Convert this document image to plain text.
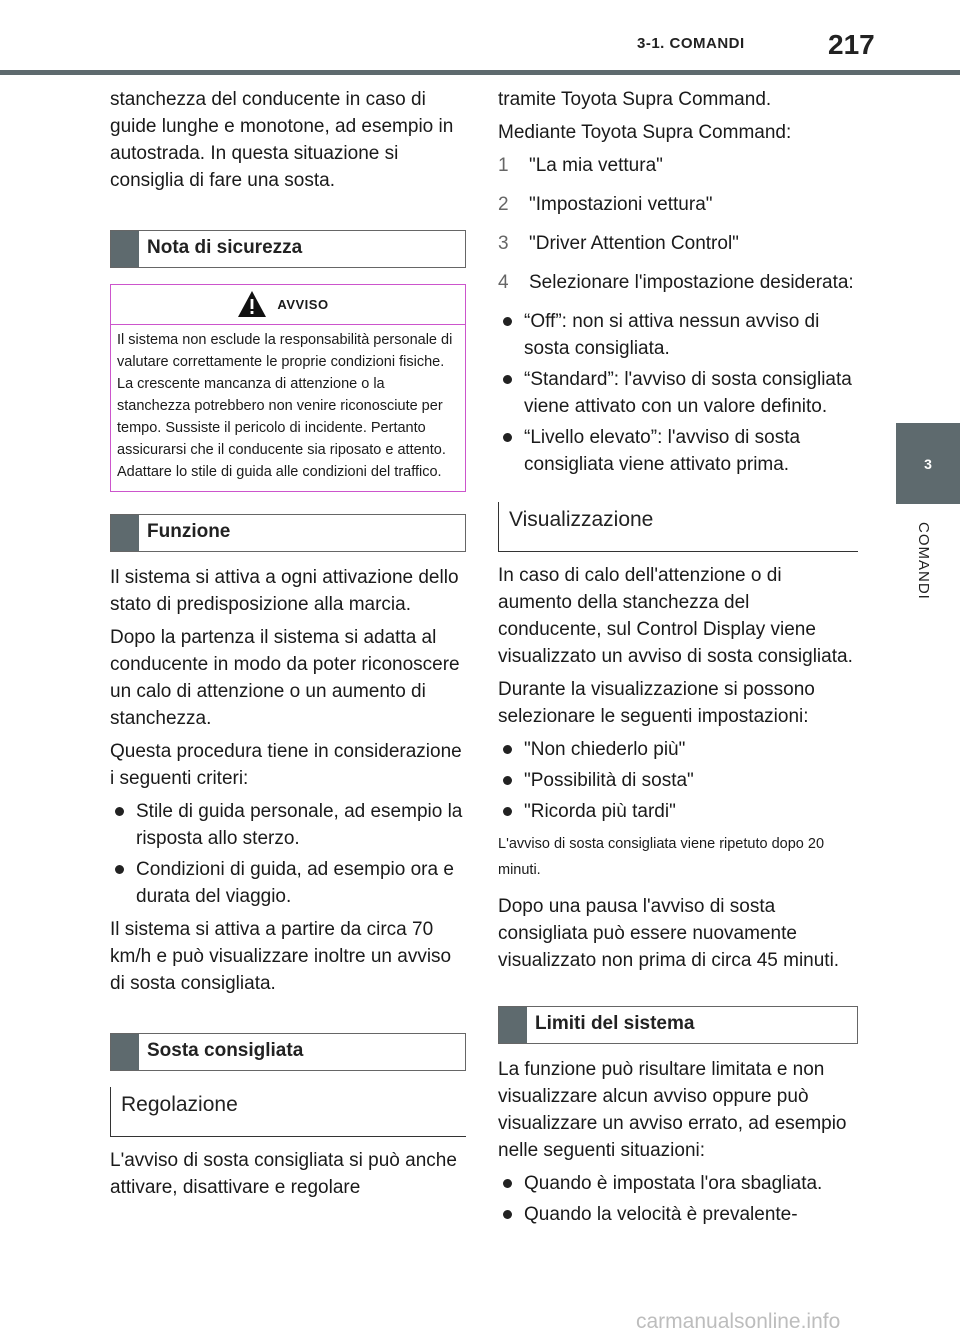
3-1. COMANDI	217
3
COMANDI

stanchezza del conducente in caso di guide lunghe e monotone, ad esempio in autostrada. In questa situazione si consiglia di fare una sosta.

Nota di sicurezza
AVVISO
Il sistema non esclude la responsabilità personale di valutare correttamente le proprie condizioni fisiche. La crescente mancanza di attenzione o la stanchezza potrebbero non venire riconosciute per tempo. Sussiste il pericolo di incidente. Pertanto assicurarsi che il conducente sia riposato e attento. Adattare lo stile di guida alle condizioni del traffico.
Funzione

Il sistema si attiva a ogni attivazione dello stato di predisposizione alla marcia.

Dopo la partenza il sistema si adatta al conducente in modo da poter riconoscere un calo di attenzione o un aumento di stanchezza.

Questa procedura tiene in considerazione i seguenti criteri:

Stile di guida personale, ad esempio la risposta allo sterzo.
Condizioni di guida, ad esempio ora e durata del viaggio.

Il sistema si attiva a partire da circa 70 km/h e può visualizzare inoltre un avviso di sosta consigliata.

Sosta consigliata
Regolazione

L'avviso di sosta consigliata si può anche attivare, disattivare e regolare

tramite Toyota Supra Command.

Mediante Toyota Supra Command:

1 "La mia vettura"
2 "Impostazioni vettura"
3 "Driver Attention Control"
4 Selezionare l'impostazione desiderata:
“Off”: non si attiva nessun avviso di sosta consigliata.
“Standard”: l'avviso di sosta consigliata viene attivato con un valore definito.
“Livello elevato”: l'avviso di sosta consigliata viene attivato prima.
Visualizzazione

In caso di calo dell'attenzione o di aumento della stanchezza del conducente, sul Control Display viene visualizzato un avviso di sosta consigliata.

Durante la visualizzazione si possono selezionare le seguenti impostazioni:

"Non chiederlo più"
"Possibilità di sosta"
"Ricorda più tardi"

L'avviso di sosta consigliata viene ripetuto dopo 20 minuti.

Dopo una pausa l'avviso di sosta consigliata può essere nuovamente visualizzato non prima di circa 45 minuti.

Limiti del sistema

La funzione può risultare limitata e non visualizzare alcun avviso oppure può visualizzare un avviso errato, ad esempio nelle seguenti situazioni:

Quando è impostata l'ora sbagliata.
Quando la velocità è prevalente-
carmanualsonline.info
